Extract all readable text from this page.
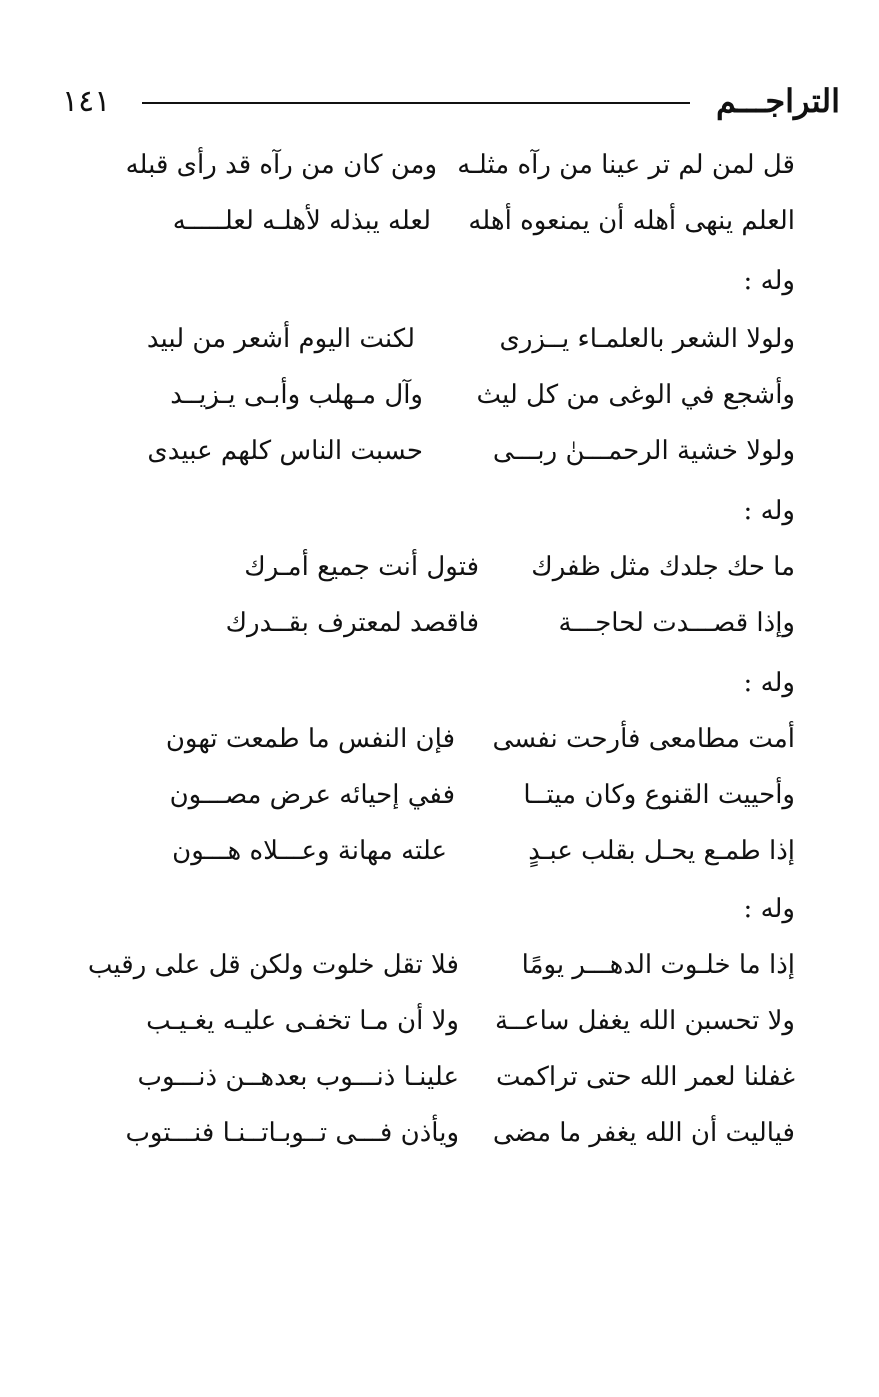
١٤١	التراجـــم
قل لمن لم تر عينا من رآه مثلـه
ومن كان من رآه قد رأى قبله
العلم ينهى أهله أن يمنعوه أهله
لعله يبذله لأهلـه لعلـــــه
وله :
ولولا الشعر بالعلمـاء يــزرى
لكنت اليوم أشعر من لبيد
وأشجع في الوغى من كل ليث
وآل مـهلب وأبـى يـزيــد
ولولا خشية الرحمـــنٰ ربـــى
حسبت الناس كلهم عبيدى
وله :
ما حك جلدك مثل ظفرك
فتول أنت جميع أمـرك
وإذا قصـــدت لحاجـــة
فاقصد لمعترف بقــدرك
وله :
أمت مطامعى فأرحت نفسى
فإن النفس ما طمعت تهون
وأحييت القنوع وكان ميتــا
ففي إحيائه عرض مصـــون
إذا طمـع يحـل بقلب عبـدٍ
علته مهانة وعـــلاه هـــون
وله :
إذا ما خلـوت الدهـــر يومًا
فلا تقل خلوت ولكن قل على رقيب
ولا تحسبن الله يغفل ساعــة
ولا أن مـا تخفـى عليـه يغـيـب
غفلنا لعمر الله حتى تراكمت
علينـا ذنـــوب بعدهــن ذنـــوب
فياليت أن الله يغفر ما مضى
ويأذن فـــى تــوبـاتــنـا فنـــتوب
